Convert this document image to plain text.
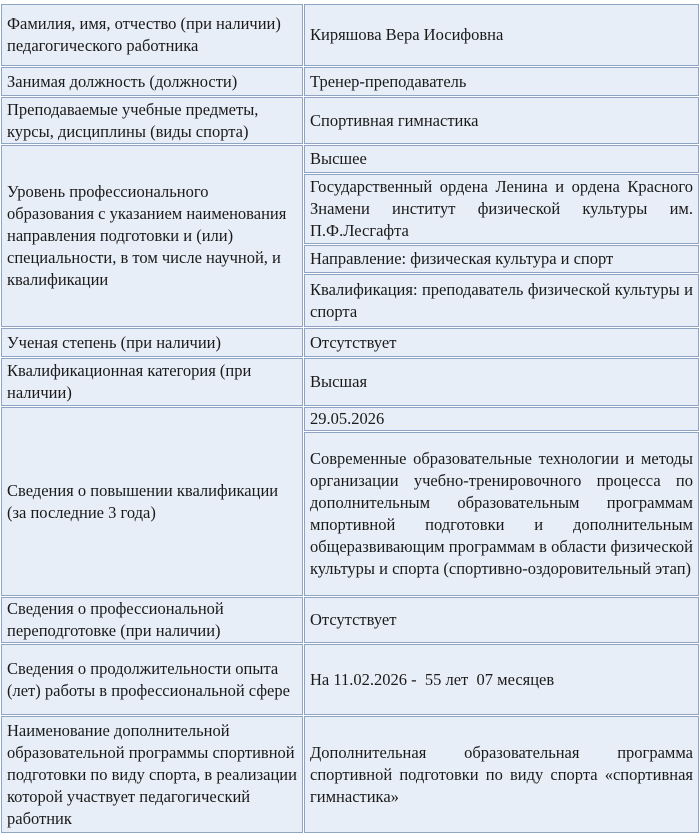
Фамилия, имя, отчество (при наличии) педагогического работника
Киряшова Вера Иосифовна
Занимая должность (должности)	Тренер-преподаватель
Преподаваемые учебные предметы, курсы, дисциплины (виды спорта)
Спортивная гимнастика
Уровень профессионального образования с указанием наименования направления подготовки и (или) специальности, в том числе научной, и квалификации
Высшее
Государственный ордена Ленина и ордена Красного Знамени институт физической культуры им. П.Ф.Лесгафта
Направление: физическая культура и спорт
Квалификация: преподаватель физической культуры и спорта
Ученая степень (при наличии)	Отсутствует
Квалификационная категория (при наличии)
Высшая
Сведения о повышении квалификации (за последние 3 года)
29.05.2026
Современные образовательные технологии и методы организации учебно-тренировочного процесса по дополнительным образовательным программам мпортивной подготовки и дополнительным общеразвивающим программам в области физической культуры и спорта (спортивно-оздоровительный этап)
Сведения о профессиональной переподготовке (при наличии)
Отсутствует
Сведения о продолжительности опыта (лет) работы в профессиональной сфере
На 11.02.2026 -  55 лет  07 месяцев
Наименование дополнительной образовательной программы спортивной подготовки по виду спорта, в реализации которой участвует педагогический работник
Дополнительная образовательная программа спортивной подготовки по виду спорта «спортивная гимнастика»
